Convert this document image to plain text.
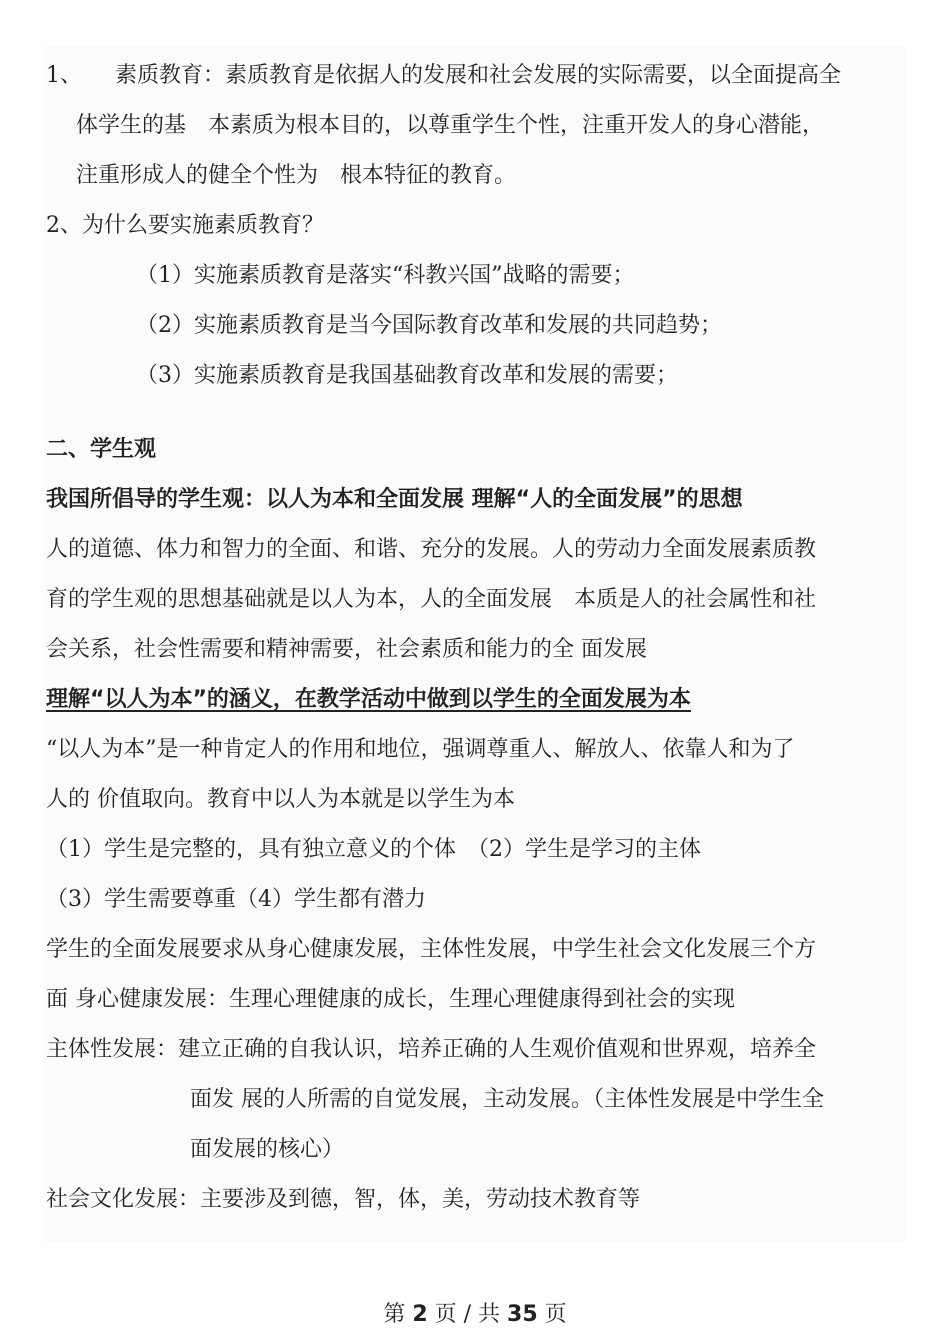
1、　　素质教育：素质教育是依据人的发展和社会发展的实际需要，以全面提高全
体学生的基　本素质为根本目的，以尊重学生个性，注重开发人的身心潜能，
注重形成人的健全个性为　根本特征的教育。
2、为什么要实施素质教育？
（1）实施素质教育是落实“科教兴国”战略的需要；
（2）实施素质教育是当今国际教育改革和发展的共同趋势；
（3）实施素质教育是我国基础教育改革和发展的需要；
二、学生观
我国所倡导的学生观：以人为本和全面发展 理解“人的全面发展”的思想
人的道德、体力和智力的全面、和谐、充分的发展。人的劳动力全面发展素质教
育的学生观的思想基础就是以人为本，人的全面发展　本质是人的社会属性和社
会关系，社会性需要和精神需要，社会素质和能力的全 面发展
理解“以人为本”的涵义，在教学活动中做到以学生的全面发展为本
“以人为本”是一种肯定人的作用和地位，强调尊重人、解放人、依靠人和为了
人的 价值取向。教育中以人为本就是以学生为本
（1）学生是完整的，具有独立意义的个体　（2）学生是学习的主体
（3）学生需要尊重（4）学生都有潜力
学生的全面发展要求从身心健康发展，主体性发展，中学生社会文化发展三个方
面 身心健康发展：生理心理健康的成长，生理心理健康得到社会的实现
主体性发展：建立正确的自我认识，培养正确的人生观价值观和世界观，培养全
面发 展的人所需的自觉发展，主动发展。（主体性发展是中学生全
面发展的核心）
社会文化发展：主要涉及到德，智，体，美，劳动技术教育等
第 2 页 / 共 35 页
